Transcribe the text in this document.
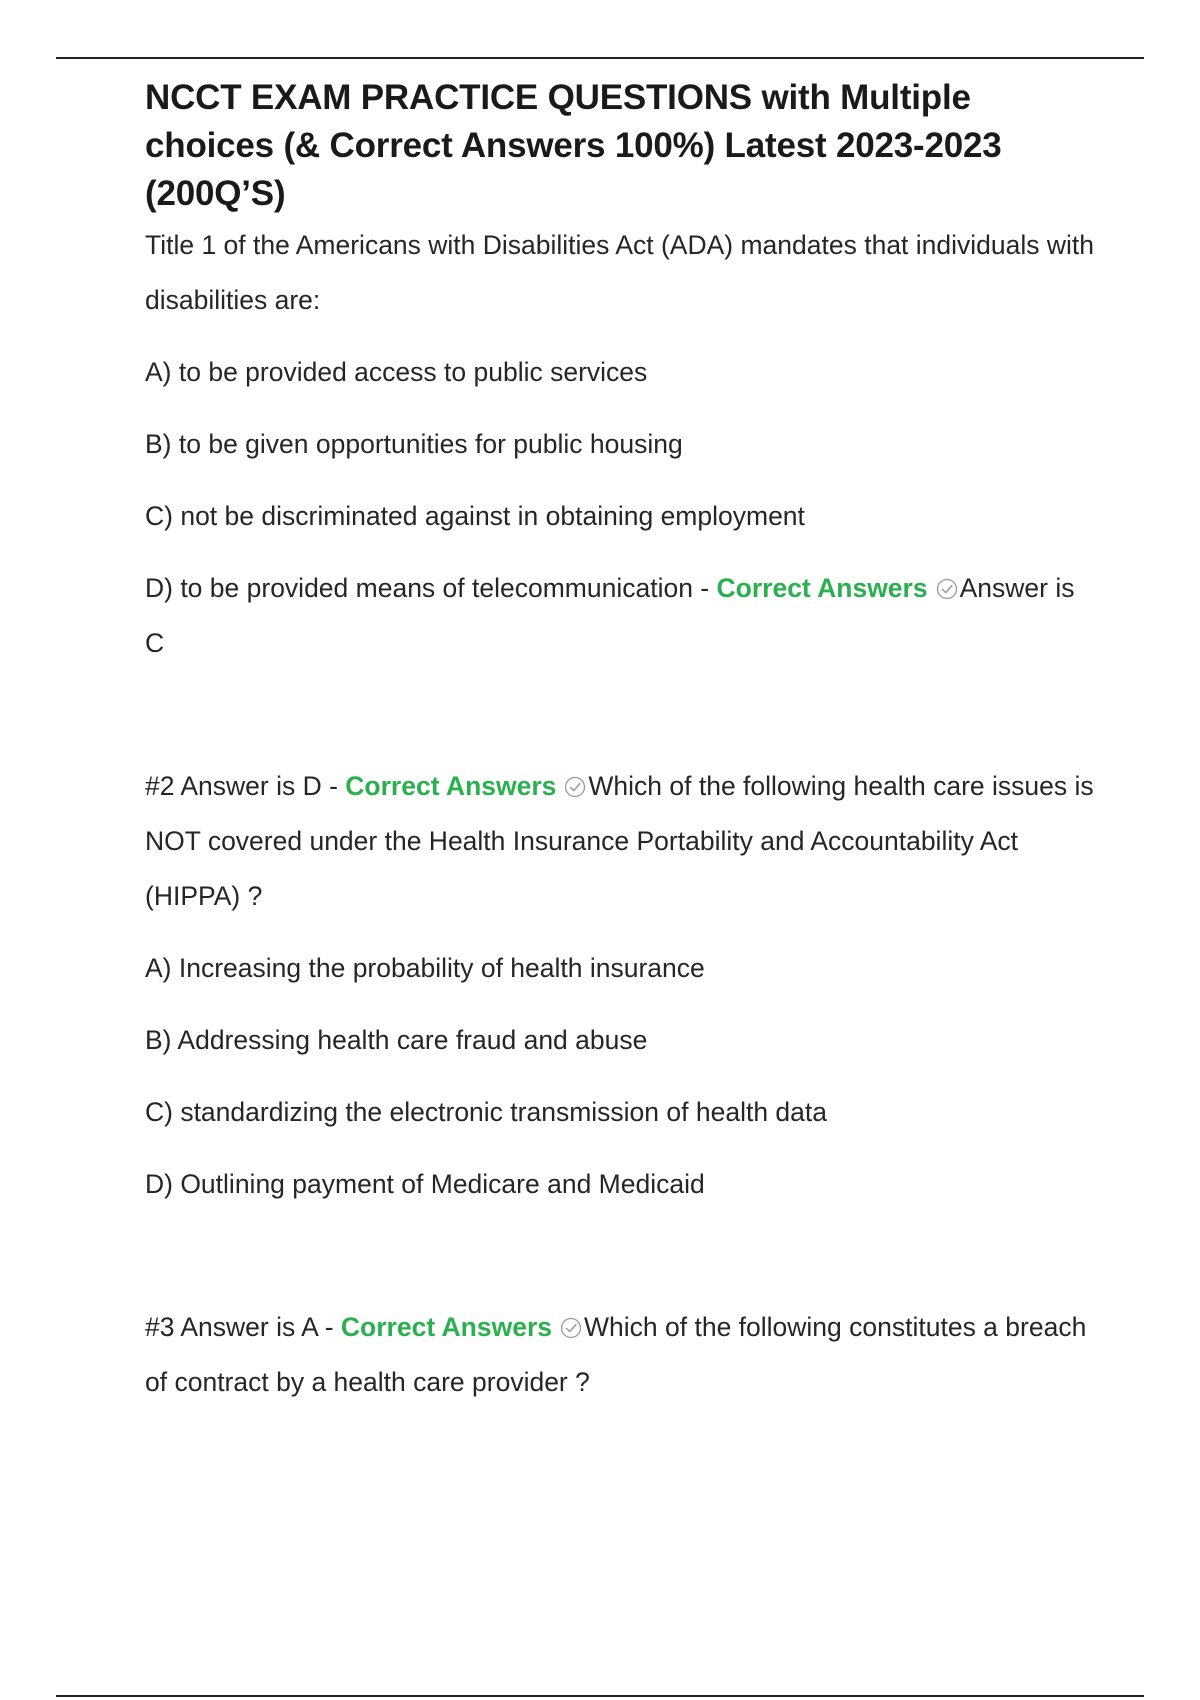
NCCT EXAM PRACTICE QUESTIONS with Multiple choices (& Correct Answers 100%) Latest 2023-2023 (200Q’S)

Title 1 of the Americans with Disabilities Act (ADA) mandates that individuals with disabilities are:

A) to be provided access to public services

B) to be given opportunities for public housing

C) not be discriminated against in obtaining employment

D) to be provided means of telecommunication - Correct Answers Answer is C

#2 Answer is D - Correct Answers Which of the following health care issues is NOT covered under the Health Insurance Portability and Accountability Act (HIPPA) ?

A) Increasing the probability of health insurance

B) Addressing health care fraud and abuse

C) standardizing the electronic transmission of health data

D) Outlining payment of Medicare and Medicaid

#3 Answer is A - Correct Answers Which of the following constitutes a breach of contract by a health care provider ?
